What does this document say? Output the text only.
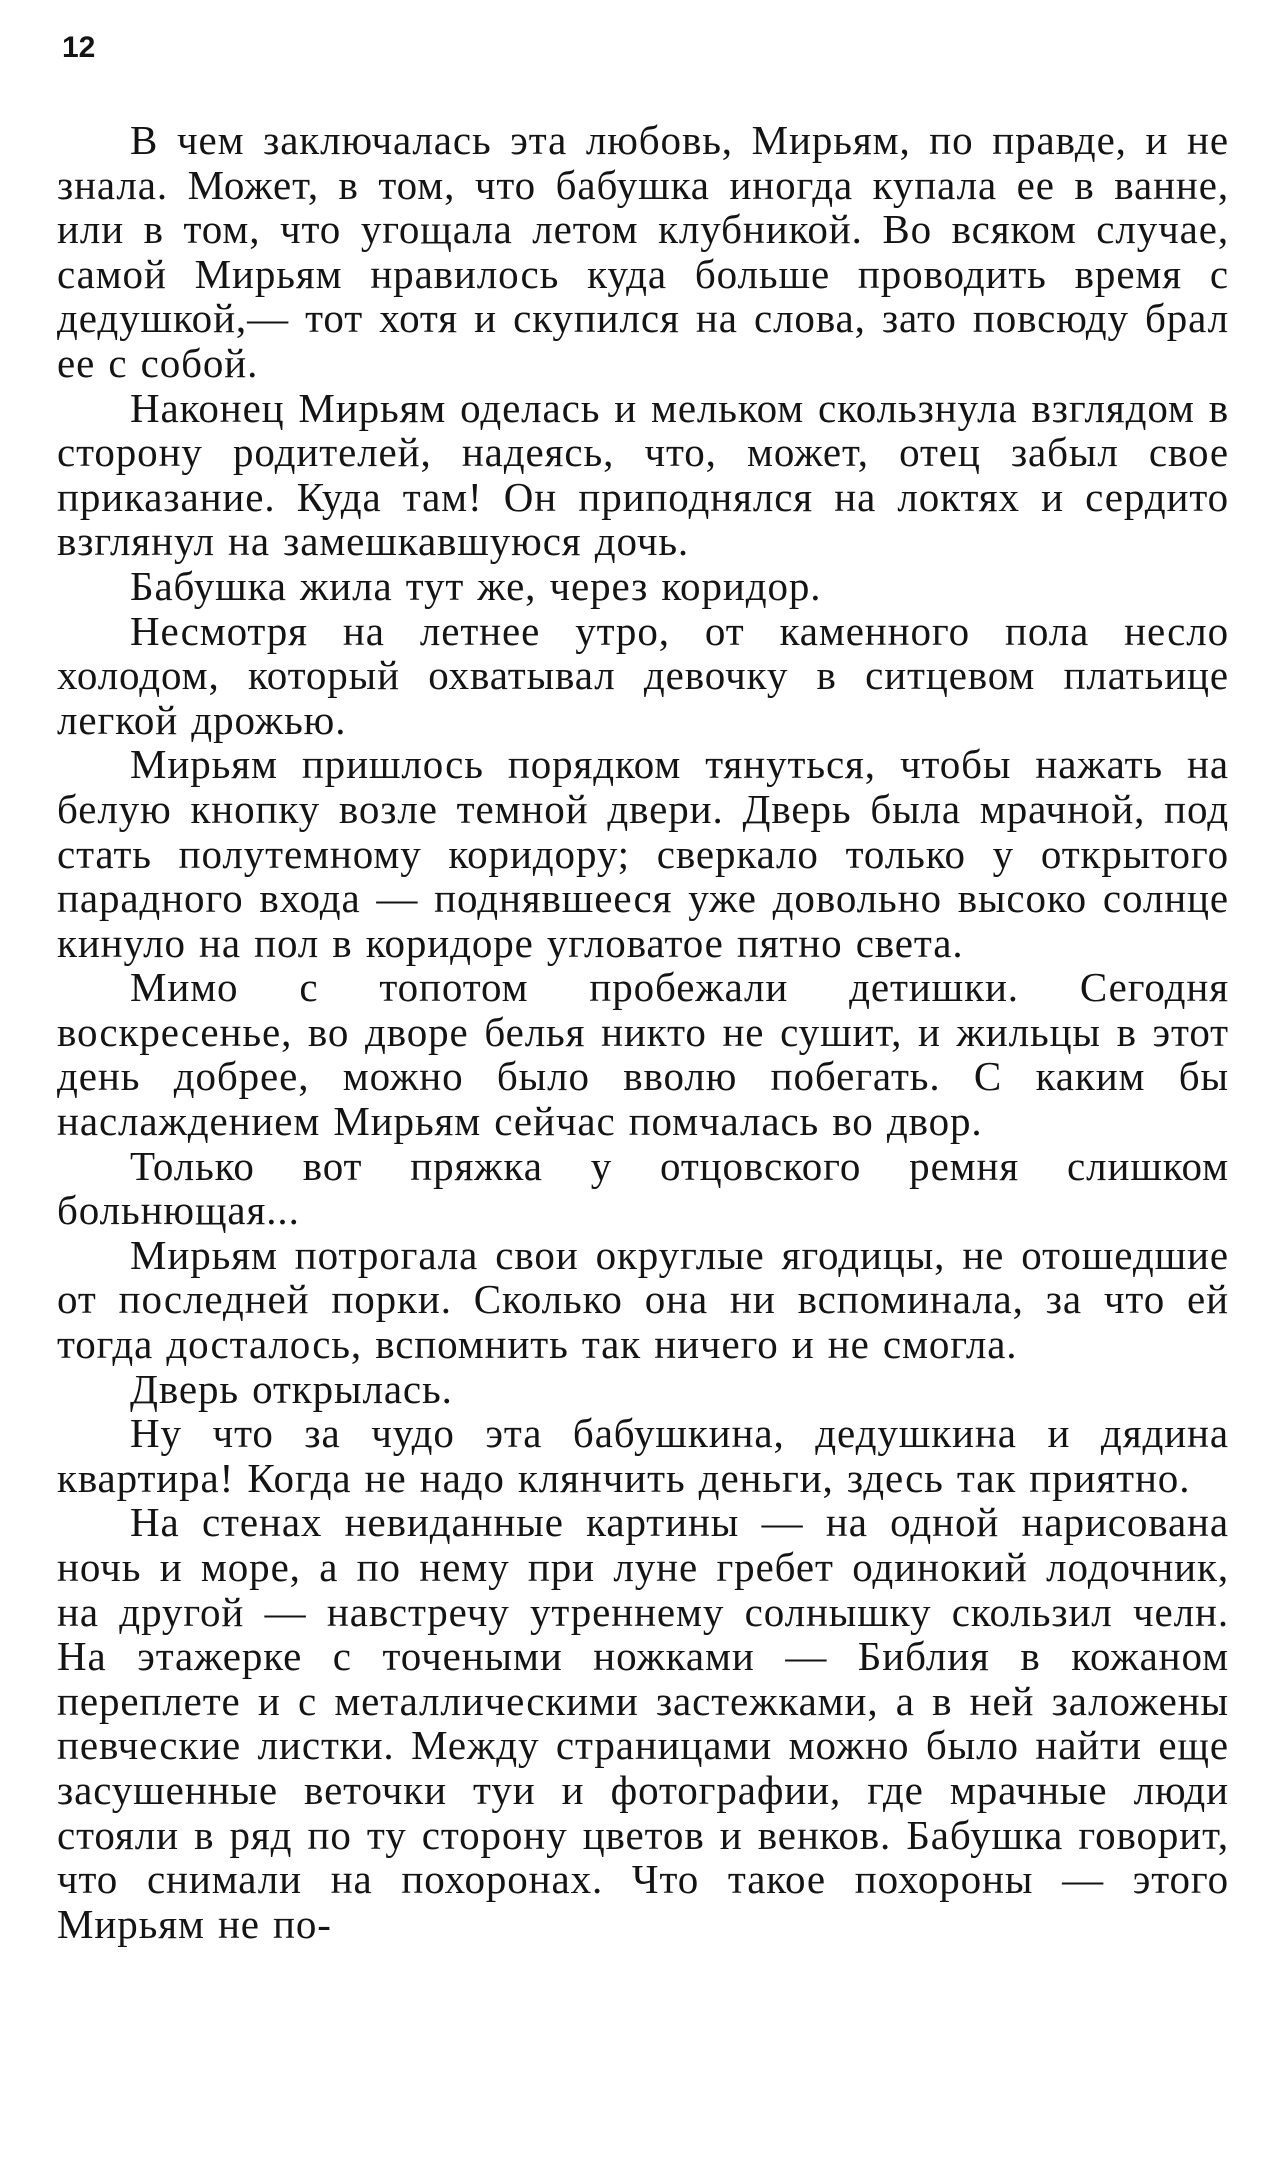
12

В чем заключалась эта любовь, Мирьям, по правде, и не знала. Может, в том, что бабушка иногда купала ее в ванне, или в том, что угощала летом клубникой. Во всяком случае, самой Мирьям нравилось куда больше проводить время с дедушкой,— тот хотя и скупился на слова, зато повсюду брал ее с собой.

Наконец Мирьям оделась и мельком скользнула взглядом в сторону родителей, надеясь, что, может, отец забыл свое приказание. Куда там! Он приподнялся на локтях и сердито взглянул на замешкавшуюся дочь.

Бабушка жила тут же, через коридор.

Несмотря на летнее утро, от каменного пола несло холодом, который охватывал девочку в ситцевом платьице легкой дрожью.

Мирьям пришлось порядком тянуться, чтобы нажать на белую кнопку возле темной двери. Дверь была мрачной, под стать полутемному коридору; сверкало только у открытого парадного входа — поднявшееся уже довольно высоко солнце кинуло на пол в коридоре угловатое пятно света.

Мимо с топотом пробежали детишки. Сегодня воскресенье, во дворе белья никто не сушит, и жильцы в этот день добрее, можно было вволю побегать. С каким бы наслаждением Мирьям сейчас помчалась во двор.

Только вот пряжка у отцовского ремня слишком больнющая...

Мирьям потрогала свои округлые ягодицы, не отошедшие от последней порки. Сколько она ни вспоминала, за что ей тогда досталось, вспомнить так ничего и не смогла.

Дверь открылась.

Ну что за чудо эта бабушкина, дедушкина и дядина квартира! Когда не надо клянчить деньги, здесь так приятно.

На стенах невиданные картины — на одной нарисована ночь и море, а по нему при луне гребет одинокий лодочник, на другой — навстречу утреннему солнышку скользил челн. На этажерке с точеными ножками — Библия в кожаном переплете и с металлическими застежками, а в ней заложены певческие листки. Между страницами можно было найти еще засушенные веточки туи и фотографии, где мрачные люди стояли в ряд по ту сторону цветов и венков. Бабушка говорит, что снимали на похоронах. Что такое похороны — этого Мирьям не по-
